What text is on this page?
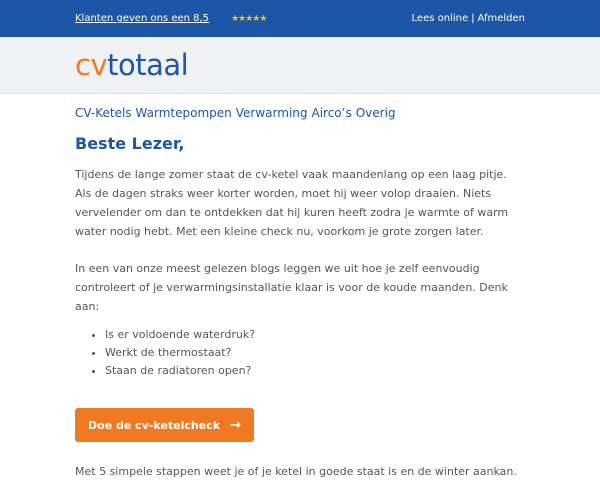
Klanten geven ons een 8,5 ★★★★★	Lees online | Afmelden
cvtotaal
CV-Ketels Warmtepompen Verwarming Airco’s Overig
Beste Lezer,

Tijdens de lange zomer staat de cv-ketel vaak maandenlang op een laag pitje. Als de dagen straks weer korter worden, moet hij weer volop draaien. Niets vervelender om dan te ontdekken dat hij kuren heeft zodra je warmte of warm water nodig hebt. Met een kleine check nu, voorkom je grote zorgen later.

In een van onze meest gelezen blogs leggen we uit hoe je zelf eenvoudig controleert of je verwarmingsinstallatie klaar is voor de koude maanden. Denk aan:

• Is er voldoende waterdruk?
• Werkt de thermostaat?
• Staan de radiatoren open?
Doe de cv-ketelcheck →

Met 5 simpele stappen weet je of je ketel in goede staat is en de winter aankan.
